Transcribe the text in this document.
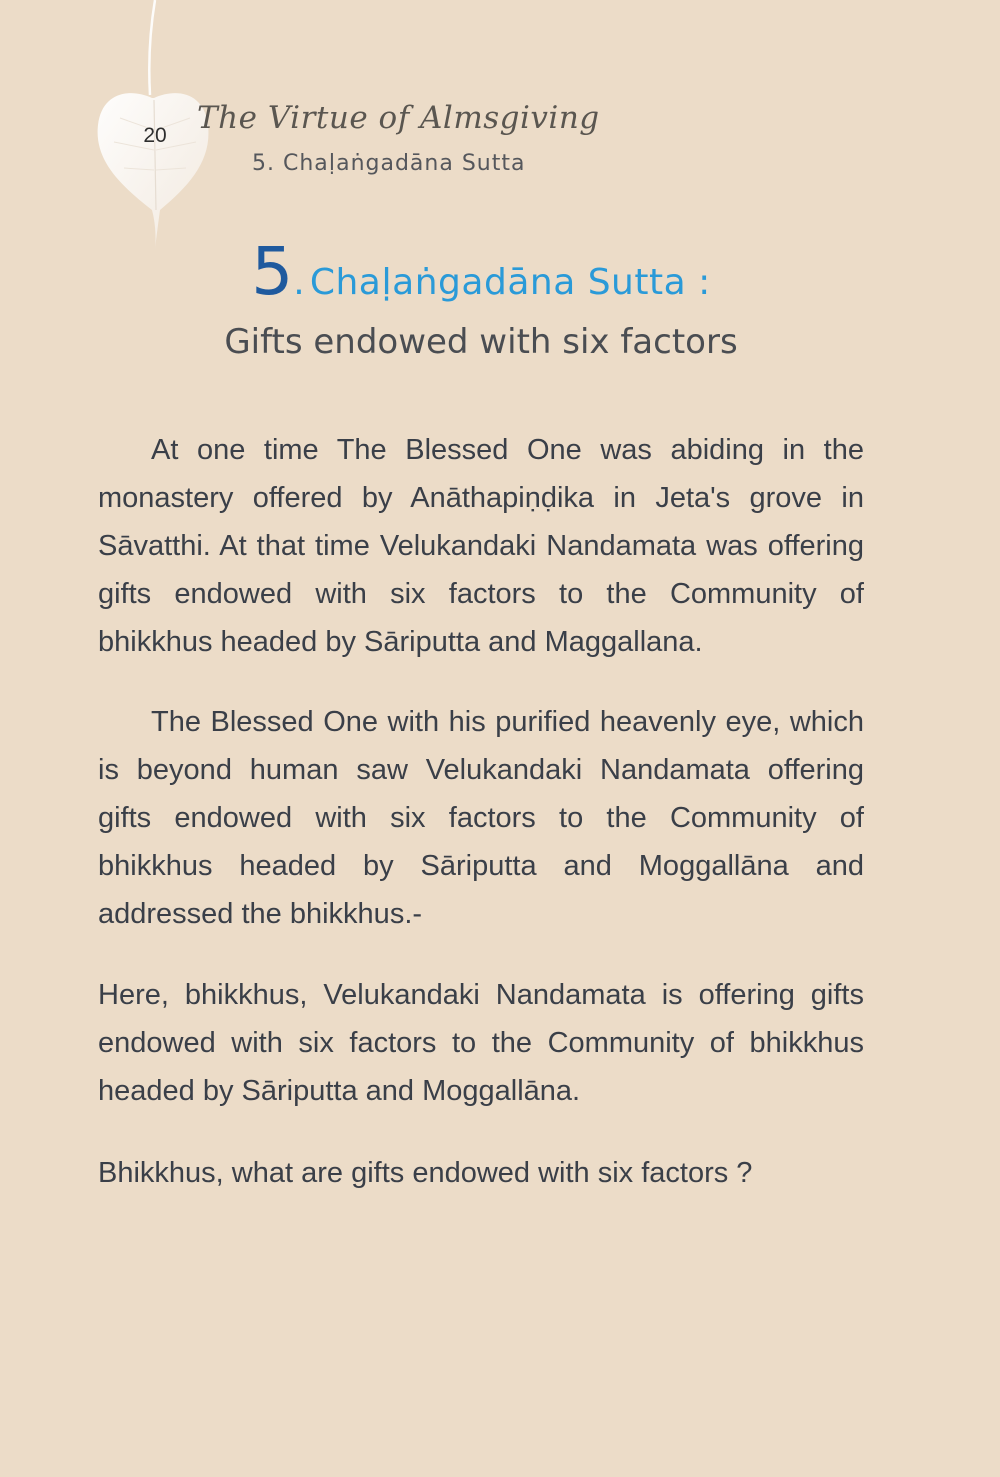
20 The Virtue of Almsgiving
5. Chaḷaṅgadāna Sutta
5. Chaḷaṅgadāna Sutta :
Gifts endowed with six factors

At one time The Blessed One was abiding in the monastery offered by Anāthapiṇḍika in Jeta's grove in Sāvatthi. At that time Velukandaki Nandamata was offering gifts endowed with six factors to the Community of bhikkhus headed by Sāriputta and Maggallana.

The Blessed One with his purified heavenly eye, which is beyond human saw Velukandaki Nandamata offering gifts endowed with six factors to the Community of bhikkhus headed by Sāriputta and Moggallāna and addressed the bhikkhus.-

Here, bhikkhus, Velukandaki Nandamata is offering gifts endowed with six factors to the Community of bhikkhus headed by Sāriputta and Moggallāna.

Bhikkhus, what are gifts endowed with six factors ?
